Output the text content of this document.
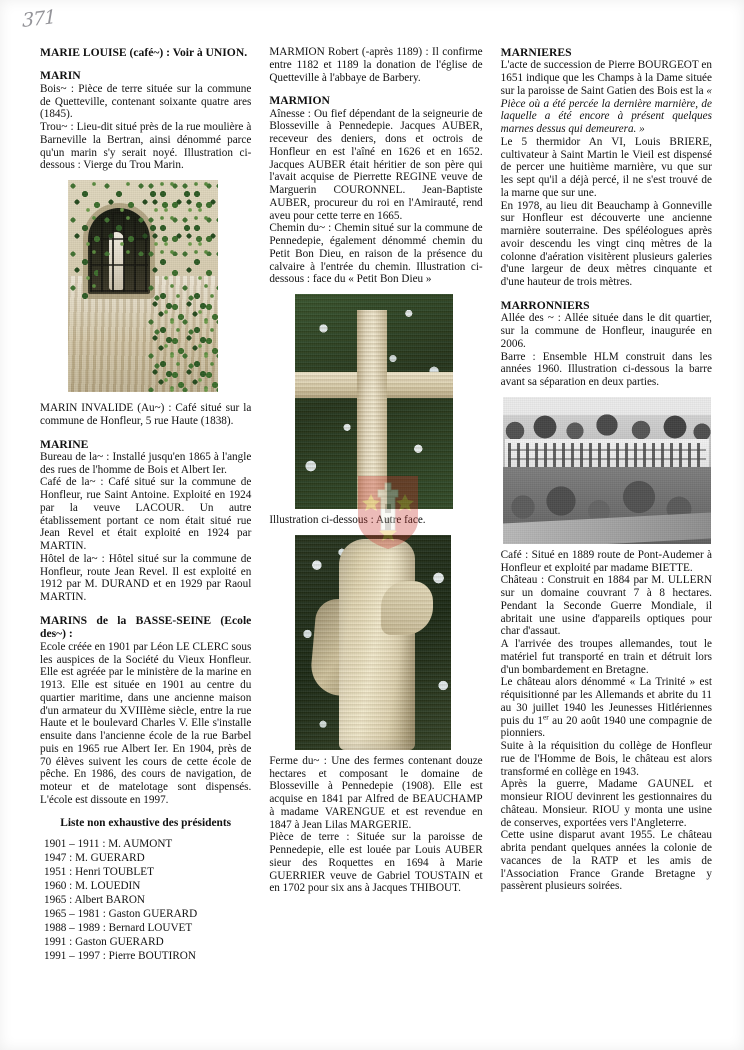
371

MARIE LOUISE (café~) : Voir à UNION.

MARIN

Bois~ : Pièce de terre située sur la commune de Quetteville, contenant soixante quatre ares (1845).

Trou~ : Lieu-dit situé près de la rue moulière à Barneville la Bertran, ainsi dénommé parce qu'un marin s'y serait noyé. Illustration ci-dessous : Vierge du Trou Marin.

MARIN INVALIDE (Au~) : Café situé sur la commune de Honfleur, 5 rue Haute (1838).

MARINE

Bureau de la~ : Installé jusqu'en 1865 à l'angle des rues de l'homme de Bois et Albert Ier.

Café de la~ : Café situé sur la commune de Honfleur, rue Saint Antoine. Exploité en 1924 par la veuve LACOUR. Un autre établissement portant ce nom était situé rue Jean Revel et était exploité en 1924 par MARTIN.

Hôtel de la~ : Hôtel situé sur la commune de Honfleur, route Jean Revel. Il est exploité en 1912 par M. DURAND et en 1929 par Raoul MARTIN.

MARINS de la BASSE-SEINE (Ecole des~) :

Ecole créée en 1901 par Léon LE CLERC sous les auspices de la Société du Vieux Honfleur. Elle est agréée par le ministère de la marine en 1913. Elle est située en 1901 au centre du quartier maritime, dans une ancienne maison d'un armateur du XVIIIème siècle, entre la rue Haute et le boulevard Charles V. Elle s'installe ensuite dans l'ancienne école de la rue Barbel puis en 1965 rue Albert Ier. En 1904, près de 70 élèves suivent les cours de cette école de pêche. En 1986, des cours de navigation, de moteur et de matelotage sont dispensés. L'école est dissoute en 1997.

Liste non exhaustive des présidents

1901 – 1911 : M. AUMONT
1947 : M. GUERARD
1951 : Henri TOUBLET
1960 : M. LOUEDIN
1965 : Albert BARON
1965 – 1981 : Gaston GUERARD
1988 – 1989 : Bernard LOUVET
1991 : Gaston GUERARD
1991 – 1997 : Pierre BOUTIRON

MARMION Robert (-après 1189) : Il confirme entre 1182 et 1189 la donation de l'église de Quetteville à l'abbaye de Barbery.

MARMION

Aînesse : Ou fief dépendant de la seigneurie de Blosseville à Pennedepie. Jacques AUBER, receveur des deniers, dons et octrois de Honfleur en est l'aîné en 1626 et en 1652. Jacques AUBER était héritier de son père qui l'avait acquise de Pierrette REGINE veuve de Marguerin COURONNEL. Jean-Baptiste AUBER, procureur du roi en l'Amirauté, rend aveu pour cette terre en 1665.

Chemin du~ : Chemin situé sur la commune de Pennedepie, également dénommé chemin du Petit Bon Dieu, en raison de la présence du calvaire à l'entrée du chemin. Illustration ci-dessous : face du « Petit Bon Dieu »

Illustration ci-dessous : Autre face.

Ferme du~ : Une des fermes contenant douze hectares et composant le domaine de Blosseville à Pennedepie (1908). Elle est acquise en 1841 par Alfred de BEAUCHAMP à madame VARENGUE et est revendue en 1847 à Jean Lilas MARGERIE.

Pièce de terre : Située sur la paroisse de Pennedepie, elle est louée par Louis AUBER sieur des Roquettes en 1694 à Marie GUERRIER veuve de Gabriel TOUSTAIN et en 1702 pour six ans à Jacques THIBOUT.

MARNIERES

L'acte de succession de Pierre BOURGEOT en 1651 indique que les Champs à la Dame située sur la paroisse de Saint Gatien des Bois est la « Pièce où a été percée la dernière marnière, de laquelle a été encore à présent quelques marnes dessus qui demeurera. »

Le 5 thermidor An VI, Louis BRIERE, cultivateur à Saint Martin le Vieil est dispensé de percer une huitième marnière, vu que sur les sept qu'il a déjà percé, il ne s'est trouvé de la marne que sur une.

En 1978, au lieu dit Beauchamp à Gonneville sur Honfleur est découverte une ancienne marnière souterraine. Des spéléologues après avoir descendu les vingt cinq mètres de la colonne d'aération visitèrent plusieurs galeries d'une largeur de deux mètres cinquante et d'une hauteur de trois mètres.

MARRONNIERS

Allée des ~ : Allée située dans le dit quartier, sur la commune de Honfleur, inaugurée en 2006.

Barre : Ensemble HLM construit dans les années 1960. Illustration ci-dessous la barre avant sa séparation en deux parties.

Café : Situé en 1889 route de Pont-Audemer à Honfleur et exploité par madame BIETTE.

Château : Construit en 1884 par M. ULLERN sur un domaine couvrant 7 à 8 hectares. Pendant la Seconde Guerre Mondiale, il abritait une usine d'appareils optiques pour char d'assaut.

A l'arrivée des troupes allemandes, tout le matériel fut transporté en train et détruit lors d'un bombardement en Bretagne.

Le château alors dénommé « La Trinité » est réquisitionné par les Allemands et abrite du 11 au 30 juillet 1940 les Jeunesses Hitlériennes puis du 1er au 20 août 1940 une compagnie de pionniers.

Suite à la réquisition du collège de Honfleur rue de l'Homme de Bois, le château est alors transformé en collège en 1943.

Après la guerre, Madame GAUNEL et monsieur RIOU devinrent les gestionnaires du château. Monsieur. RIOU y monta une usine de conserves, exportées vers l'Angleterre.

Cette usine disparut avant 1955. Le château abrita pendant quelques années la colonie de vacances de la RATP et les amis de l'Association France Grande Bretagne y passèrent plusieurs soirées.
